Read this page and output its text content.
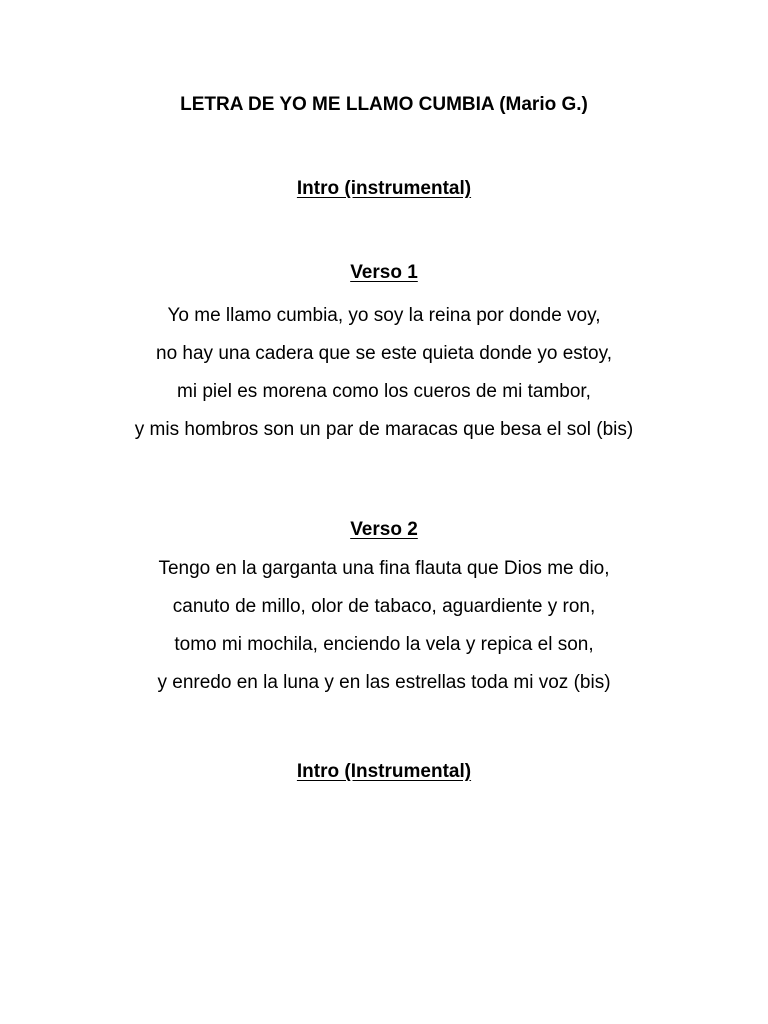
LETRA DE YO ME LLAMO CUMBIA (Mario G.)
Intro (instrumental)
Verso 1
Yo me llamo cumbia, yo soy la reina por donde voy,
no hay una cadera que se este quieta donde yo estoy,
mi piel es morena como los cueros de mi tambor,
y mis hombros son un par de maracas que besa el sol (bis)
Verso 2
Tengo en la garganta una fina flauta que Dios me dio,
canuto de millo, olor de tabaco, aguardiente y ron,
tomo mi mochila, enciendo la vela y repica el son,
y enredo en la luna y en las estrellas toda mi voz (bis)
Intro (Instrumental)
